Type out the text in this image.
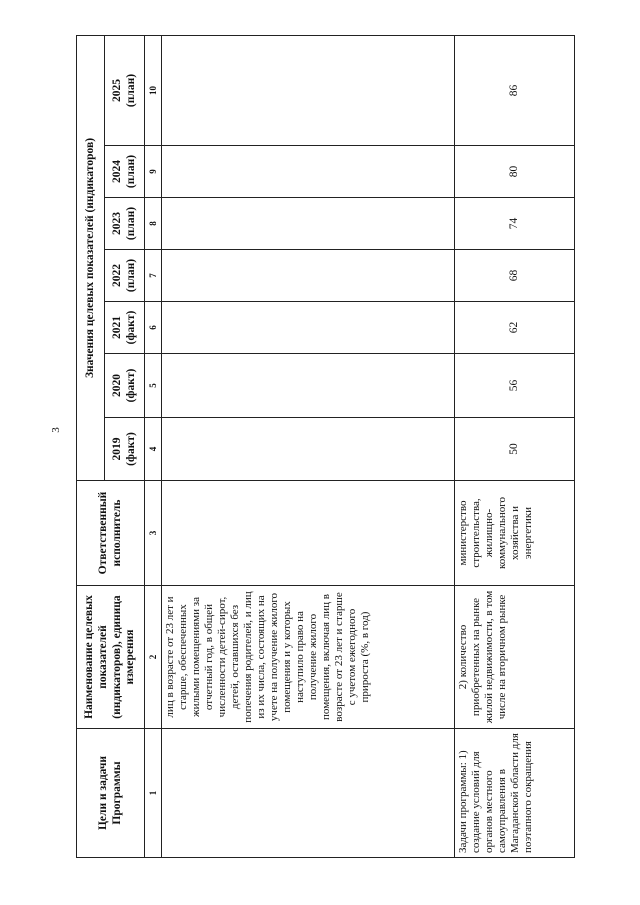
3
Цели и задачи Программы	Наименование целевых показателей (индикаторов), единица измерения	Ответственный исполнитель	Значения целевых показателей (индикаторов)						
			2019 (факт)	2020 (факт)	2021 (факт)	2022 (план)	2023 (план)	2024 (план)	2025 (план)
1	2	3	4	5	6	7	8	9	10
	лиц в возрасте от 23 лет и старше, обеспеченных жилыми помещениями за отчетный год, в общей численности детей-сирот, детей, оставшихся без попечения родителей, и лиц из их числа, состоящих на учете на получение жилого помещения и у которых наступило право на получение жилого помещения, включая лиц в возрасте от 23 лет и старше с учетом ежегодного прироста (%, в год)								
Задачи программы: 1) создание условий для органов местного самоуправления в Магаданской области для поэтапного сокращения	2) количество приобретенных на рынке жилой недвижимости, в том числе на вторичном рынке	министерство строительства, жилищно-коммунального хозяйства и энергетики	50	56	62	68	74	80	86
